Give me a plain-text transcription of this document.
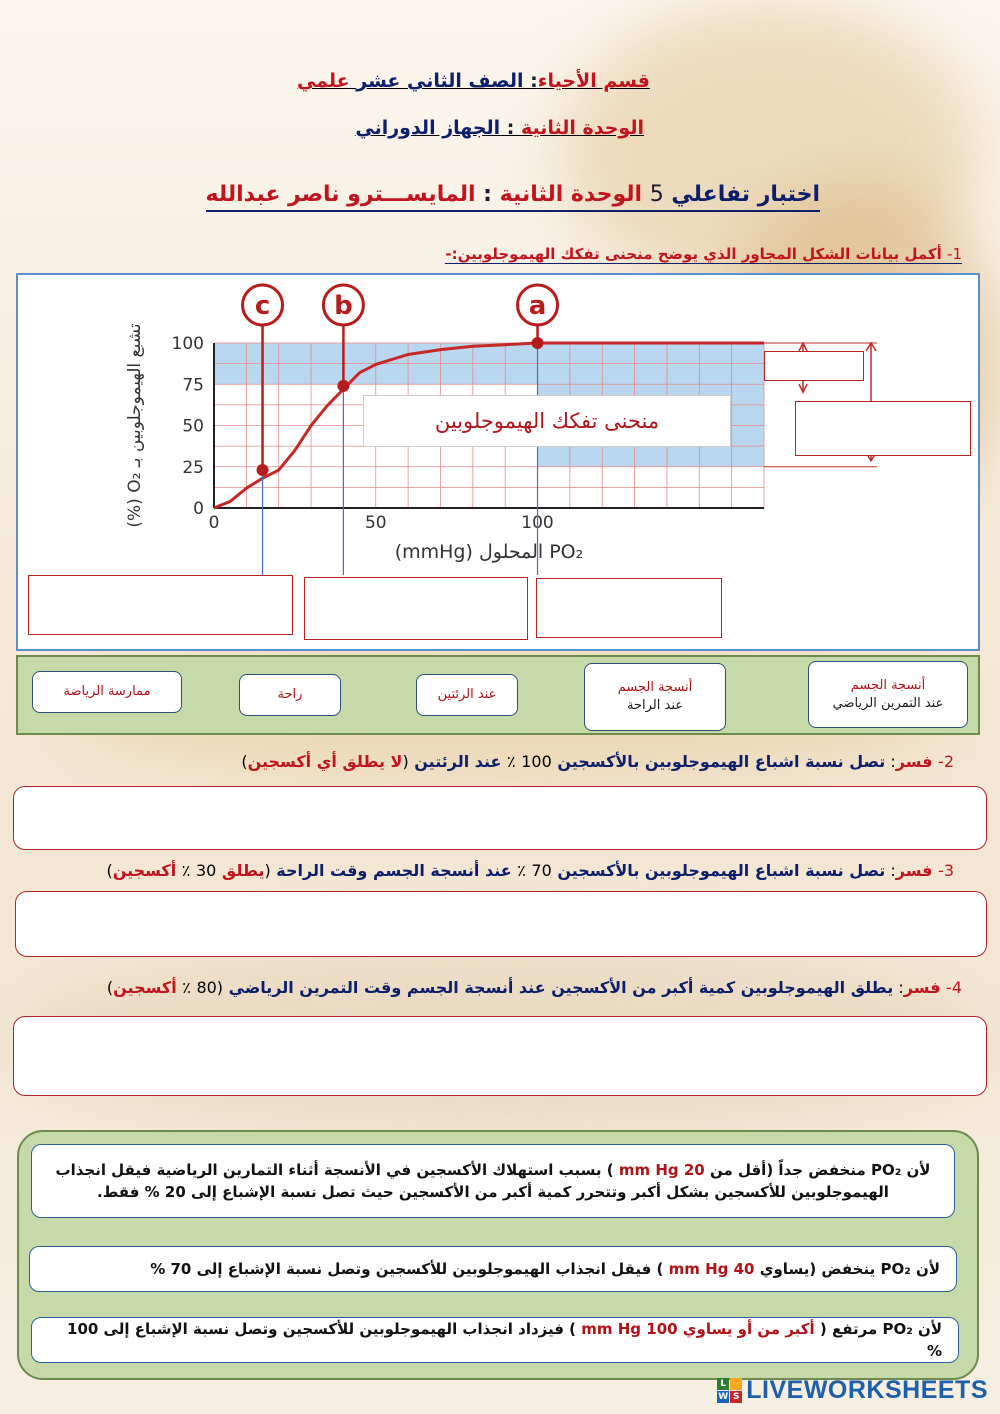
قسم الأحياء: الصف الثاني عشر علمي
الوحدة الثانية : الجهاز الدوراني
اختبار تفاعلي 5 الوحدة الثانية : المايســـترو ناصر عبدالله
1- أكمل بيانات الشكل المجاور الذي يوضح منحنى تفكك الهيموجلوبين:-
0
25
50
75
100
0	50	100
(mmHg) المحلول PO₂
(%) O₂ تشبع الهيموجلوبين بـ
c b	a
منحنى تفكك الهيموجلوبين
أنسجة الجسم
عند التمرين الرياضي
أنسجة الجسم
عند الراحة
عند الرئتين
راحة
ممارسة الرياضة
2- فسر: تصل نسبة اشباع الهيموجلوبين بالأكسجين 100 ٪ عند الرئتين (لا يطلق أي أكسجين)
3- فسر: تصل نسبة اشباع الهيموجلوبين بالأكسجين 70 ٪ عند أنسجة الجسم وقت الراحة (يطلق 30 ٪ أكسجين)
4- فسر: يطلق الهيموجلوبين كمية أكبر من الأكسجين عند أنسجة الجسم وقت التمرين الرياضي (80 ٪ أكسجين)
لأن PO₂ منخفض جداً (أقل من 20 mm Hg ) بسبب استهلاك الأكسجين في الأنسجة أثناء التمارين الرياضية فيقل انجذاب الهيموجلوبين للأكسجين بشكل أكبر وتتحرر كمية أكبر من الأكسجين حيث تصل نسبة الإشباع إلى 20 % فقط.
لأن PO₂ ينخفض (يساوي 40 mm Hg ) فيقل انجذاب الهيموجلوبين للأكسجين وتصل نسبة الإشباع إلى 70 %
لأن PO₂ مرتفع ( أكبر من أو يساوي 100 mm Hg ) فيزداد انجذاب الهيموجلوبين للأكسجين وتصل نسبة الإشباع إلى 100 %
L
W S LIVEWORKSHEETS
